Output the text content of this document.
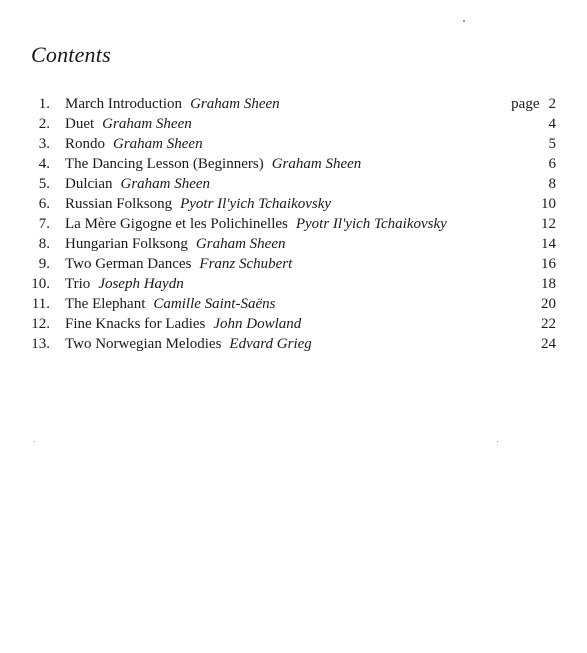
Contents
1. March Introduction Graham Sheen	page 2
2. Duet Graham Sheen	4
3. Rondo Graham Sheen	5
4. The Dancing Lesson (Beginners) Graham Sheen	6
5. Dulcian Graham Sheen	8
6. Russian Folksong Pyotr Il'yich Tchaikovsky	10
7. La Mère Gigogne et les Polichinelles Pyotr Il'yich Tchaikovsky	12
8. Hungarian Folksong Graham Sheen	14
9. Two German Dances Franz Schubert	16
10. Trio Joseph Haydn	18
11. The Elephant Camille Saint-Saëns	20
12. Fine Knacks for Ladies John Dowland	22
13. Two Norwegian Melodies Edvard Grieg	24
